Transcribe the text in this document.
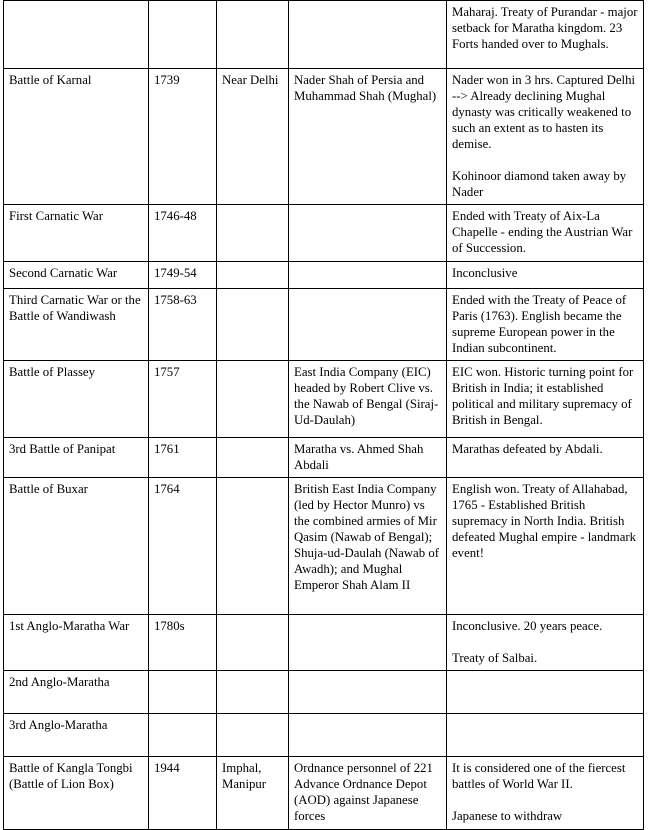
				Maharaj. Treaty of Purandar - major setback for Maratha kingdom. 23 Forts handed over to Mughals.

Battle of Karnal	1739	Near Delhi	Nader Shah of Persia and Muhammad Shah (Mughal)	Nader won in 3 hrs. Captured Delhi --> Already declining Mughal dynasty was critically weakened to such an extent as to hasten its demise.

Kohinoor diamond taken away by Nader

First Carnatic War	1746-48			Ended with Treaty of Aix-La Chapelle - ending the Austrian War of Succession.

Second Carnatic War	1749-54			Inconclusive

Third Carnatic War or the Battle of Wandiwash	1758-63			Ended with the Treaty of Peace of Paris (1763). English became the supreme European power in the Indian subcontinent.

Battle of Plassey	1757		East India Company (EIC) headed by Robert Clive vs. the Nawab of Bengal (Siraj-Ud-Daulah)	EIC won. Historic turning point for British in India; it established political and military supremacy of British in Bengal.

3rd Battle of Panipat	1761		Maratha vs. Ahmed Shah Abdali	Marathas defeated by Abdali.

Battle of Buxar	1764		British East India Company (led by Hector Munro) vs the combined armies of Mir Qasim (Nawab of Bengal); Shuja-ud-Daulah (Nawab of Awadh); and Mughal Emperor Shah Alam II	English won. Treaty of Allahabad, 1765 - Established British supremacy in North India. British defeated Mughal empire - landmark event!

1st Anglo-Maratha War	1780s			Inconclusive. 20 years peace.

Treaty of Salbai.

2nd Anglo-Maratha				

3rd Anglo-Maratha				

Battle of Kangla Tongbi (Battle of Lion Box)	1944	Imphal, Manipur	Ordnance personnel of 221 Advance Ordnance Depot (AOD) against Japanese forces	It is considered one of the fiercest battles of World War II.

Japanese to withdraw
